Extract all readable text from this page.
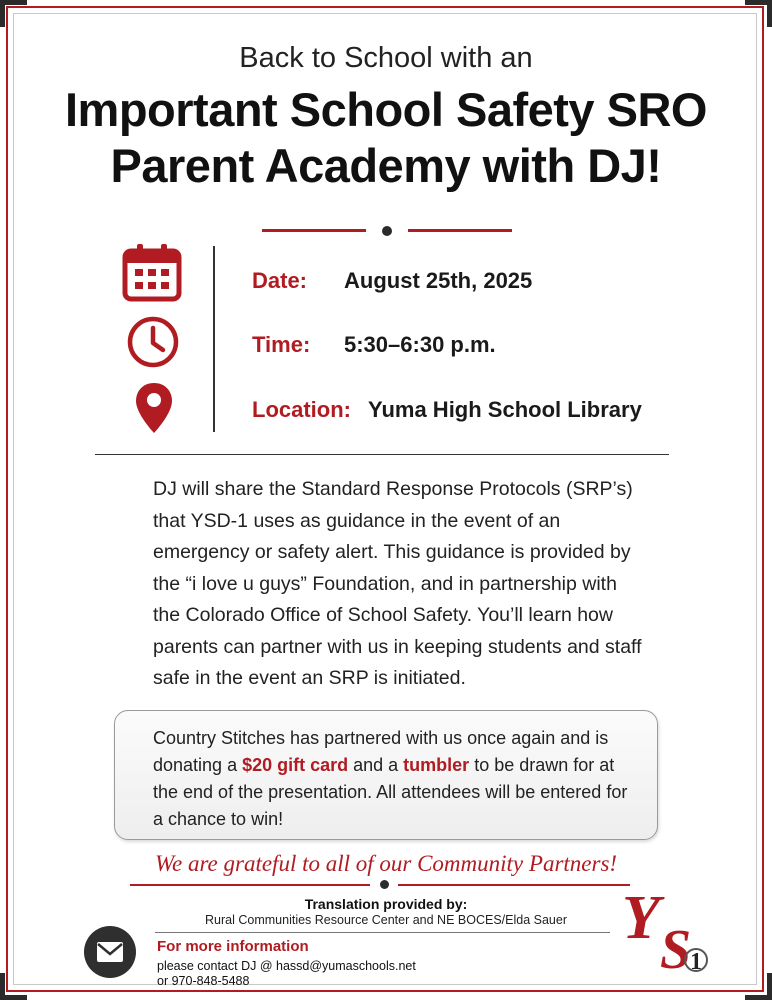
Back to School with an
Important School Safety SRO
Parent Academy with DJ!
Date: August 25th, 2025
Time: 5:30–6:30 p.m.
Location: Yuma High School Library
DJ will share the Standard Response Protocols (SRP’s) that YSD-1 uses as guidance in the event of an emergency or safety alert. This guidance is provided by the “i love u guys” Foundation, and in partnership with the Colorado Office of School Safety. You’ll learn how parents can partner with us in keeping students and staff safe in the event an SRP is initiated.
Country Stitches has partnered with us once again and is donating a $20 gift card and a tumbler to be drawn for at the end of the presentation. All attendees will be entered for a chance to win!
We are grateful to all of our Community Partners!
Translation provided by:
Rural Communities Resource Center and NE BOCES/Elda Sauer
For more information
please contact DJ @ hassd@yumaschools.net
or 970-848-5488
Y S
1
